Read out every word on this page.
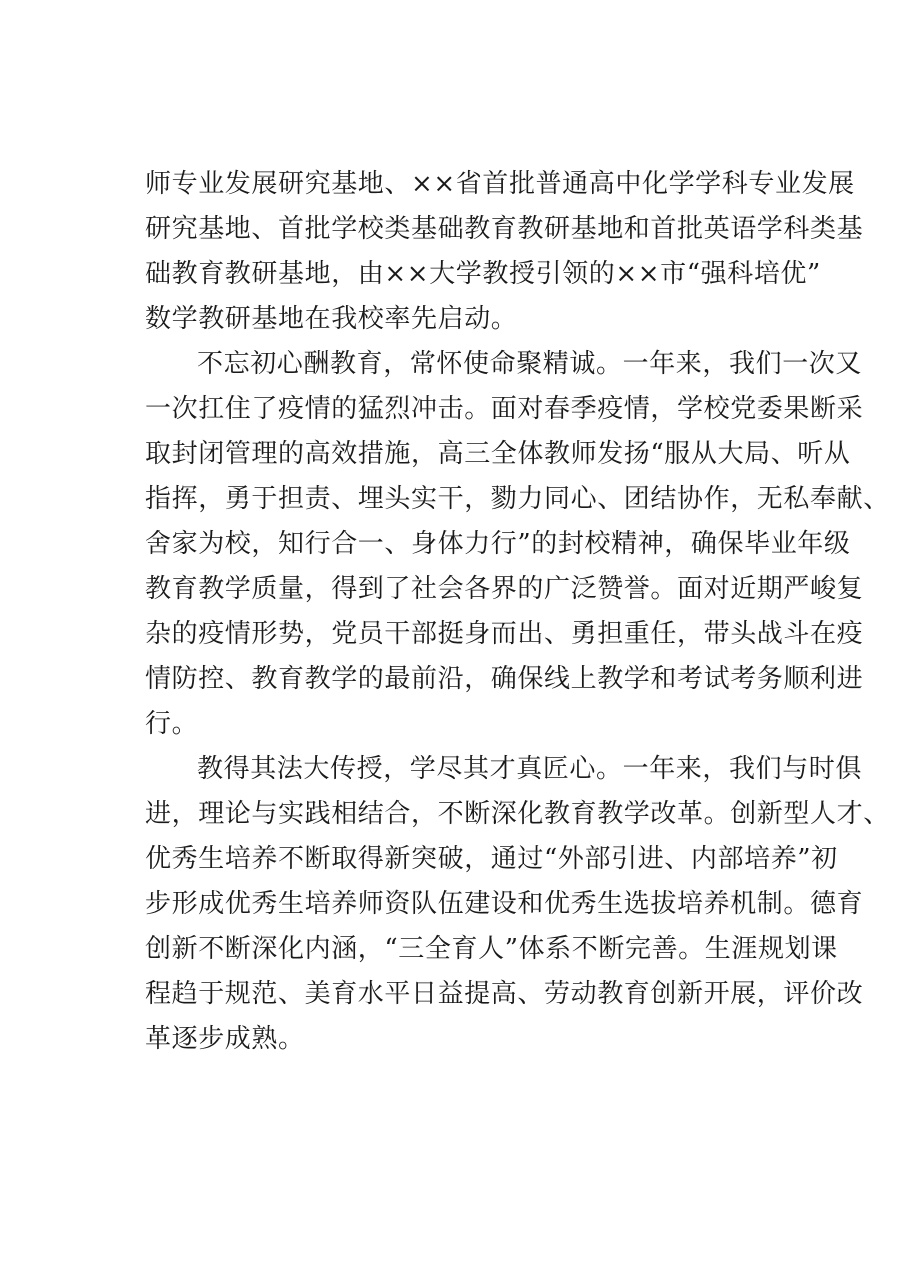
师专业发展研究基地、××省首批普通高中化学学科专业发展
研究基地、首批学校类基础教育教研基地和首批英语学科类基
础教育教研基地，由××大学教授引领的××市“强科培优”
数学教研基地在我校率先启动。
不忘初心酬教育，常怀使命聚精诚。一年来，我们一次又
一次扛住了疫情的猛烈冲击。面对春季疫情，学校党委果断采
取封闭管理的高效措施，高三全体教师发扬“服从大局、听从
指挥，勇于担责、埋头实干，勠力同心、团结协作，无私奉献、
舍家为校，知行合一、身体力行”的封校精神，确保毕业年级
教育教学质量，得到了社会各界的广泛赞誉。面对近期严峻复
杂的疫情形势，党员干部挺身而出、勇担重任，带头战斗在疫
情防控、教育教学的最前沿，确保线上教学和考试考务顺利进
行。
教得其法大传授，学尽其才真匠心。一年来，我们与时俱
进，理论与实践相结合，不断深化教育教学改革。创新型人才、
优秀生培养不断取得新突破，通过“外部引进、内部培养”初
步形成优秀生培养师资队伍建设和优秀生选拔培养机制。德育
创新不断深化内涵，“三全育人”体系不断完善。生涯规划课
程趋于规范、美育水平日益提高、劳动教育创新开展，评价改
革逐步成熟。
